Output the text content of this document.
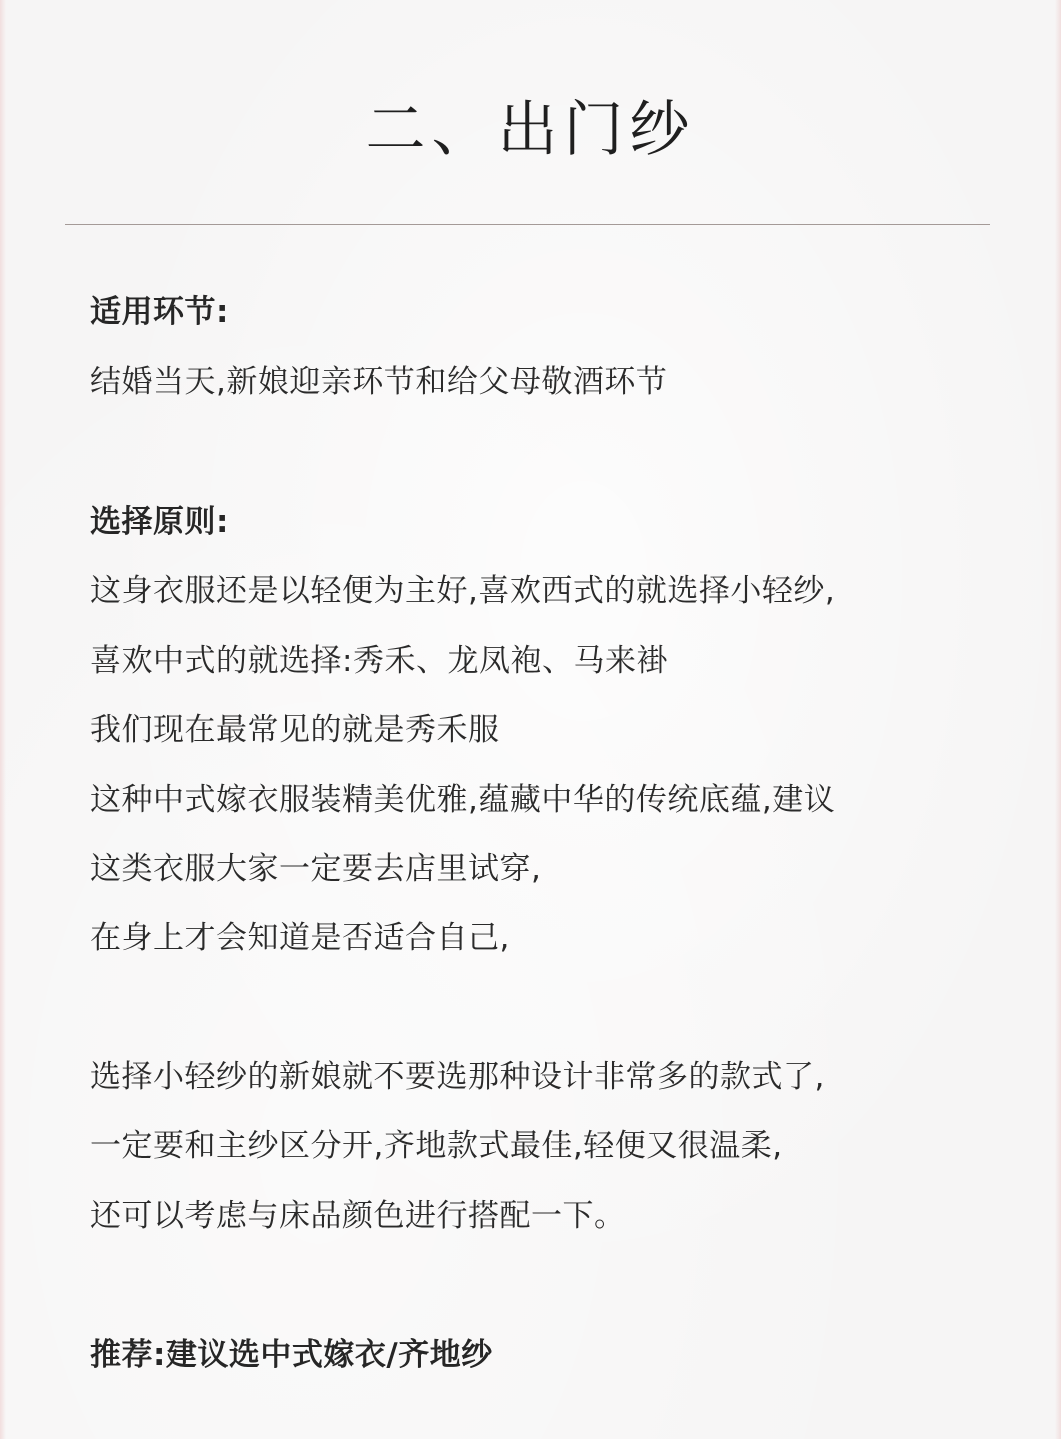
二、出门纱
适用环节:
结婚当天,新娘迎亲环节和给父母敬酒环节
选择原则:
这身衣服还是以轻便为主好,喜欢西式的就选择小轻纱,
喜欢中式的就选择:秀禾、龙凤袍、马来褂
我们现在最常见的就是秀禾服
这种中式嫁衣服装精美优雅,蕴藏中华的传统底蕴,建议
这类衣服大家一定要去店里试穿,
在身上才会知道是否适合自己,
选择小轻纱的新娘就不要选那种设计非常多的款式了,
一定要和主纱区分开,齐地款式最佳,轻便又很温柔,
还可以考虑与床品颜色进行搭配一下。
推荐:建议选中式嫁衣/齐地纱
